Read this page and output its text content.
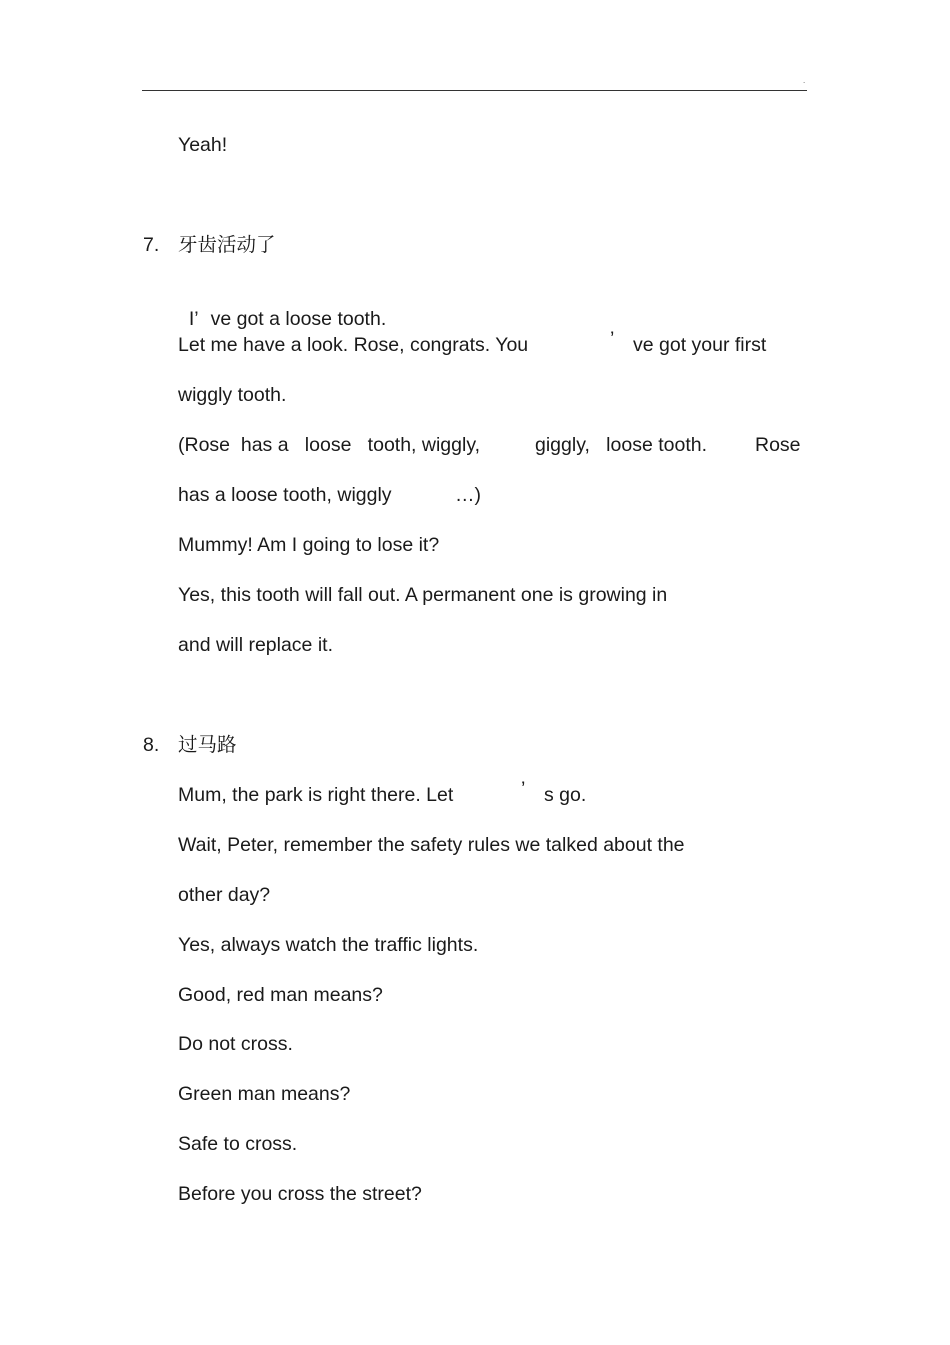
.
Yeah!
7. 牙齿活动了

I’ ve got a loose tooth.

Let me have a look. Rose, congrats. You	’ ve got your first
wiggly tooth.
(Rose  has a   loose   tooth, wiggly,	giggly,   loose tooth. Rose
has a loose tooth, wiggly	…)
Mummy! Am I going to lose it?
Yes, this tooth will fall out. A permanent one is growing in
and will replace it.
8. 过马路
Mum, the park is right there. Let	’ s go.
Wait, Peter, remember the safety rules we talked about the
other day?
Yes, always watch the traffic lights.
Good, red man means?
Do not cross.
Green man means?
Safe to cross.
Before you cross the street?
